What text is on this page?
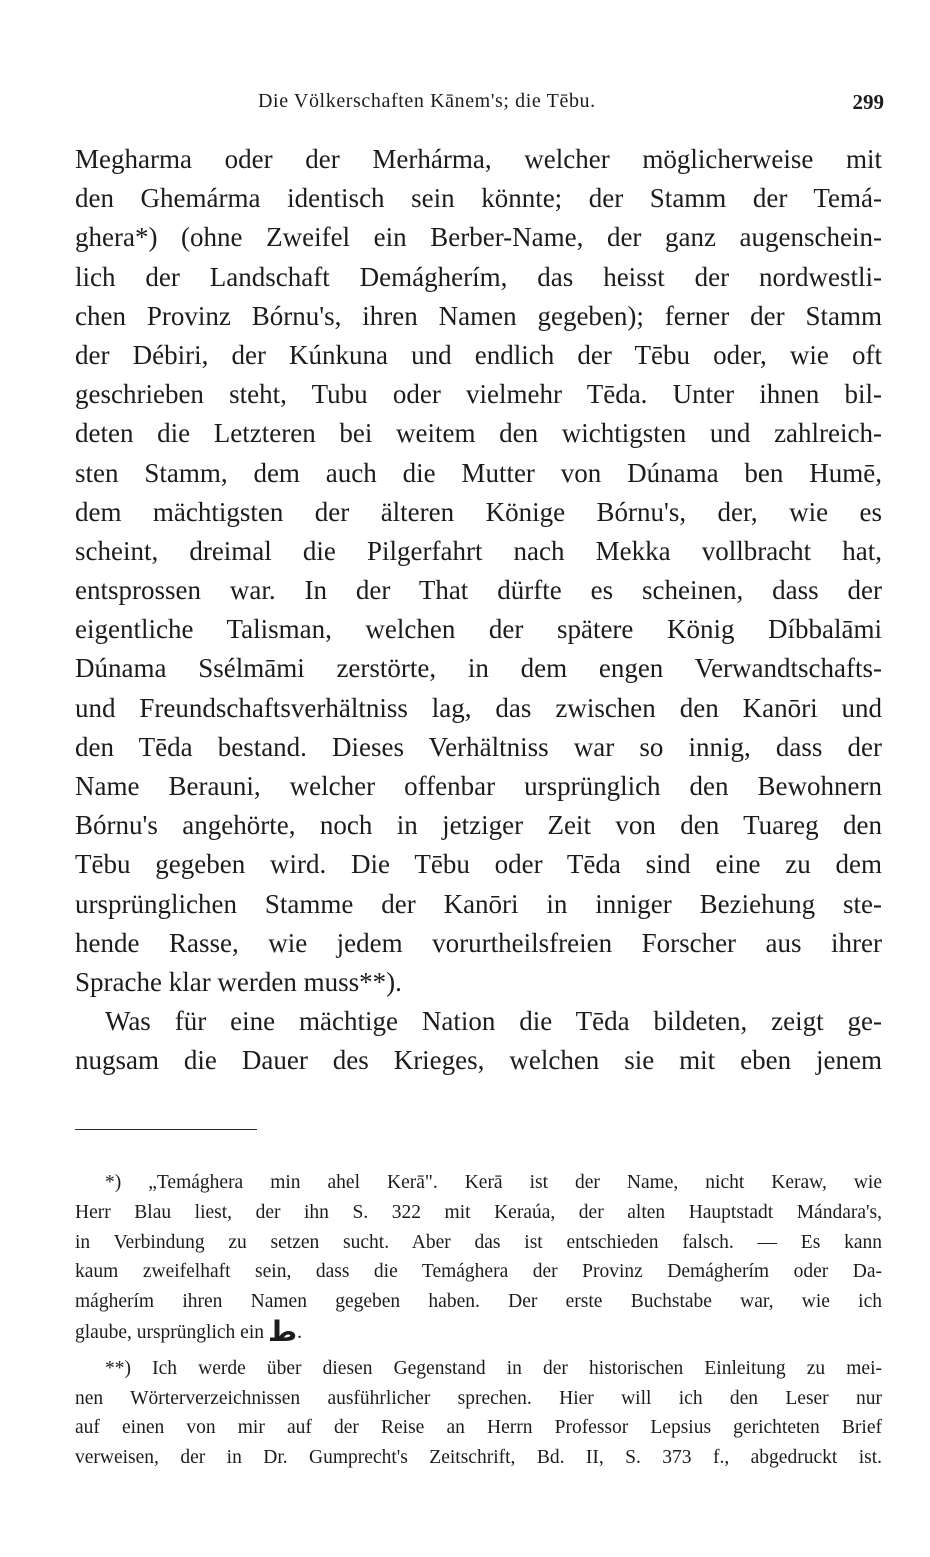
Die Völkerschaften Kānem's; die Tēbu.	299
Megharma oder der Merhárma, welcher möglicherweise mit
den Ghemárma identisch sein könnte; der Stamm der Temá-
ghera*) (ohne Zweifel ein Berber-Name, der ganz augenschein-
lich der Landschaft Demágherím, das heisst der nordwestli-
chen Provinz Bórnu's, ihren Namen gegeben); ferner der Stamm
der Débiri, der Kúnkuna und endlich der Tēbu oder, wie oft
geschrieben steht, Tubu oder vielmehr Tēda. Unter ihnen bil-
deten die Letzteren bei weitem den wichtigsten und zahlreich-
sten Stamm, dem auch die Mutter von Dúnama ben Humē,
dem mächtigsten der älteren Könige Bórnu's, der, wie es
scheint, dreimal die Pilgerfahrt nach Mekka vollbracht hat,
entsprossen war. In der That dürfte es scheinen, dass der
eigentliche Talisman, welchen der spätere König Díbbalāmi
Dúnama Ssélmāmi zerstörte, in dem engen Verwandtschafts-
und Freundschaftsverhältniss lag, das zwischen den Kanōri und
den Tēda bestand. Dieses Verhältniss war so innig, dass der
Name Berauni, welcher offenbar ursprünglich den Bewohnern
Bórnu's angehörte, noch in jetziger Zeit von den Tuareg den
Tēbu gegeben wird. Die Tēbu oder Tēda sind eine zu dem
ursprünglichen Stamme der Kanōri in inniger Beziehung ste-
hende Rasse, wie jedem vorurtheilsfreien Forscher aus ihrer
Sprache klar werden muss**).
Was für eine mächtige Nation die Tēda bildeten, zeigt ge-
nugsam die Dauer des Krieges, welchen sie mit eben jenem
*) „Temághera min ahel Kerā". Kerā ist der Name, nicht Keraw, wie
Herr Blau liest, der ihn S. 322 mit Keraúa, der alten Hauptstadt Mándara's,
in Verbindung zu setzen sucht. Aber das ist entschieden falsch. — Es kann
kaum zweifelhaft sein, dass die Temághera der Provinz Demágherím oder Da-
mágherím ihren Namen gegeben haben. Der erste Buchstabe war, wie ich
glaube, ursprünglich ein ط.
**) Ich werde über diesen Gegenstand in der historischen Einleitung zu mei-
nen Wörterverzeichnissen ausführlicher sprechen. Hier will ich den Leser nur
auf einen von mir auf der Reise an Herrn Professor Lepsius gerichteten Brief
verweisen, der in Dr. Gumprecht's Zeitschrift, Bd. II, S. 373 f., abgedruckt ist.
